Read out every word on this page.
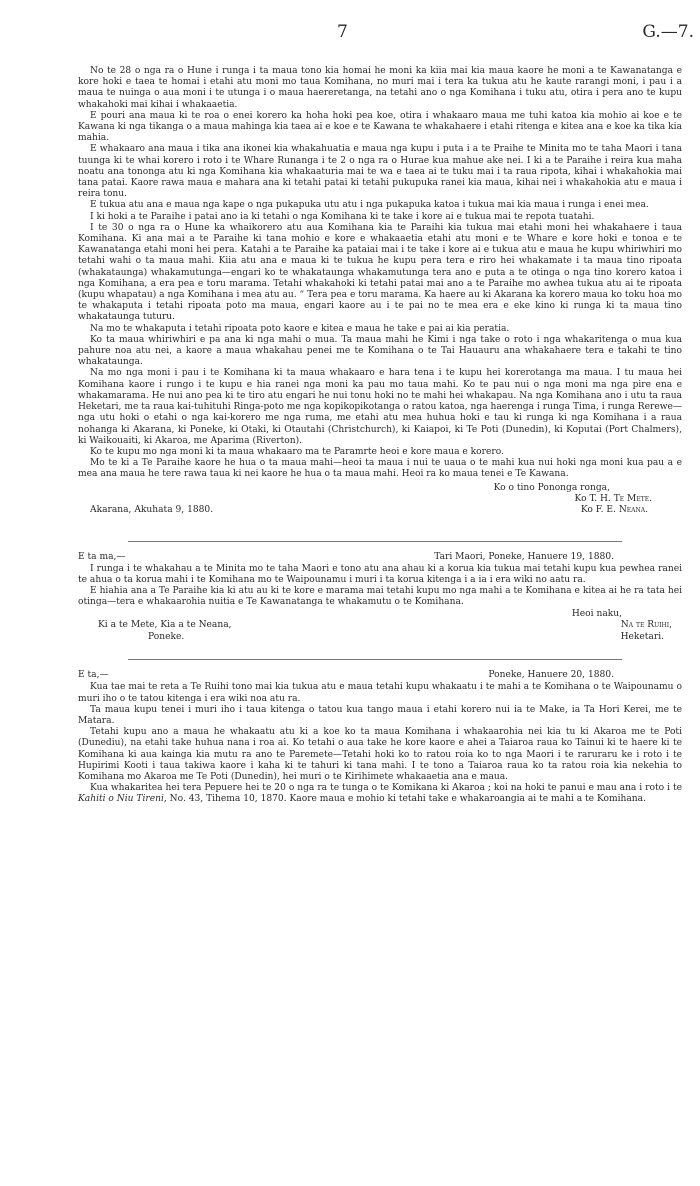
7	G.—7.

No te 28 o nga ra o Hune i runga i ta maua tono kia homai he moni ka kiia mai kia maua kaore he moni a te Kawanatanga e kore hoki e taea te homai i etahi atu moni mo taua Komihana, no muri mai i tera ka tukua atu he kaute rarangi moni, i pau i a maua te nuinga o aua moni i te utunga i o maua haereretanga, na tetahi ano o nga Komihana i tuku atu, otira i pera ano te kupu whakahoki mai kihai i whakaaetia.

E pouri ana maua ki te roa o enei korero ka hoha hoki pea koe, otira i whakaaro maua me tuhi katoa kia mohio ai koe e te Kawana ki nga tikanga o a maua mahinga kia taea ai e koe e te Kawana te whakahaere i etahi ritenga e kitea ana e koe ka tika kia mahia.

E whakaaro ana maua i tika ana ikonei kia whakahuatia e maua nga kupu i puta i a te Praihe te Minita mo te taha Maori i tana tuunga ki te whai korero i roto i te Whare Runanga i te 2 o nga ra o Hurae kua mahue ake nei. I ki a te Paraihe i reira kua maha noatu ana tononga atu ki nga Komihana kia whakaaturia mai te wa e taea ai te tuku mai i ta raua ripota, kihai i whakahokia mai tana patai. Kaore rawa maua e mahara ana ki tetahi patai ki tetahi pukupuka ranei kia maua, kihai nei i whakahokia atu e maua i reira tonu.

E tukua atu ana e maua nga kape o nga pukapuka utu atu i nga pukapuka katoa i tukua mai kia maua i runga i enei mea.

I ki hoki a te Paraihe i patai ano ia ki tetahi o nga Komihana ki te take i kore ai e tukua mai te repota tuatahi.

I te 30 o nga ra o Hune ka whaikorero atu aua Komihana kia te Paraihi kia tukua mai etahi moni hei whakahaere i taua Komihana. Ki ana mai a te Paraihe ki tana mohio e kore e whakaaetia etahi atu moni e te Whare e kore hoki e tonoa e te Kawanatanga etahi moni hei pera. Katahi a te Paraihe ka pataiai mai i te take i kore ai e tukua atu e maua he kupu whiriwhiri mo tetahi wahi o ta maua mahi. Kiia atu ana e maua ki te tukua he kupu pera tera e riro hei whakamate i ta maua tino ripoata (whakataunga) whakamutunga—engari ko te whakataunga whakamutunga tera ano e puta a te otinga o nga tino korero katoa i nga Komihana, a era pea e toru marama. Tetahi whakahoki ki tetahi patai mai ano a te Paraihe mo awhea tukua atu ai te ripoata (kupu whapatau) a nga Komihana i mea atu au. “ Tera pea e toru marama. Ka haere au ki Akarana ka korero maua ko toku hoa mo te whakaputa i tetahi ripoata poto ma maua, engari kaore au i te pai no te mea era e eke kino ki runga ki ta maua tino whakataunga tuturu.

Na mo te whakaputa i tetahi ripoata poto kaore e kitea e maua he take e pai ai kia peratia.

Ko ta maua whiriwhiri e pa ana ki nga mahi o mua. Ta maua mahi he Kimi i nga take o roto i nga whakaritenga o mua kua pahure noa atu nei, a kaore a maua whakahau penei me te Komihana o te Tai Hauauru ana whakahaere tera e takahi te tino whakataunga.

Na mo nga moni i pau i te Komihana ki ta maua whakaaro e hara tena i te kupu hei korerotanga ma maua. I tu maua hei Komihana kaore i rungo i te kupu e hia ranei nga moni ka pau mo taua mahi. Ko te pau nui o nga moni ma nga pire ena e whakamarama. He nui ano pea ki te tiro atu engari he nui tonu hoki no te mahi hei whakapau. Na nga Komihana ano i utu ta raua Heketari, me ta raua kai-tuhituhi Ringa-poto me nga kopikopikotanga o ratou katoa, nga haerenga i runga Tima, i runga Rerewe—nga utu hoki o etahi o nga kai-korero me nga ruma, me etahi atu mea huhua hoki e tau ki runga ki nga Komihana i a raua nohanga ki Akarana, ki Poneke, ki Otaki, ki Otautahi (Christchurch), ki Kaiapoi, ki Te Poti (Dunedin), ki Koputai (Port Chalmers), ki Waikouaiti, ki Akaroa, me Aparima (Riverton).

Ko te kupu mo nga moni ki ta maua whakaaro ma te Paramrte heoi e kore maua e korero.

Mo te ki a Te Paraihe kaore he hua o ta maua mahi—heoi ta maua i nui te uaua o te mahi kua nui hoki nga moni kua pau a e mea ana maua he tere rawa taua ki nei kaore he hua o ta maua mahi. Heoi ra ko maua tenei e Te Kawana.

Ko o tino Pononga ronga,
Ko T. H. Te Mete.
Akarana, Akuhata 9, 1880.	Ko F. E. Neana.
E ta ma,—	Tari Maori, Poneke, Hanuere 19, 1880.

I runga i te whakahau a te Minita mo te taha Maori e tono atu ana ahau ki a korua kia tukua mai tetahi kupu kua pewhea ranei te ahua o ta korua mahi i te Komihana mo te Waipounamu i muri i ta korua kitenga i a ia i era wiki no aatu ra.

E hiahia ana a Te Paraihe kia ki atu au ki te kore e marama mai tetahi kupu mo nga mahi a te Komihana e kitea ai he ra tata hei otinga—tera e whakaarohia nuitia e Te Kawanatanga te whakamutu o te Komihana.

Heoi naku,
Ki a te Mete, Kia a te Neana,	Na te Ruihi,
Poneke.	Heketari.
E ta,—	Poneke, Hanuere 20, 1880.

Kua tae mai te reta a Te Ruihi tono mai kia tukua atu e maua tetahi kupu whakaatu i te mahi a te Komihana o te Waipounamu o muri iho o te tatou kitenga i era wiki noa atu ra.

Ta maua kupu tenei i muri iho i taua kitenga o tatou kua tango maua i etahi korero nui ia te Make, ia Ta Hori Kerei, me te Matara.

Tetahi kupu ano a maua he whakaatu atu ki a koe ko ta maua Komihana i whakaarohia nei kia tu ki Akaroa me te Poti (Dunediu), na etahi take huhua nana i roa ai. Ko tetahi o aua take he kore kaore e ahei a Taiaroa raua ko Tainui ki te haere ki te Komihana ki aua kainga kia mutu ra ano te Paremete—Tetahi hoki ko to ratou roia ko to nga Maori i te raruraru ke i roto i te Hupirimi Kooti i taua takiwa kaore i kaha ki te tahuri ki tana mahi. I te tono a Taiaroa raua ko ta ratou roia kia nekehia to Komihana mo Akaroa me Te Poti (Dunedin), hei muri o te Kirihimete whakaaetia ana e maua.

Kua whakaritea hei tera Pepuere hei te 20 o nga ra te tunga o te Komikana ki Akaroa ; koi na hoki te panui e mau ana i roto i te Kahiti o Niu Tireni, No. 43, Tihema 10, 1870. Kaore maua e mohio ki tetahi take e whakaroangia ai te mahi a te Komihana.
